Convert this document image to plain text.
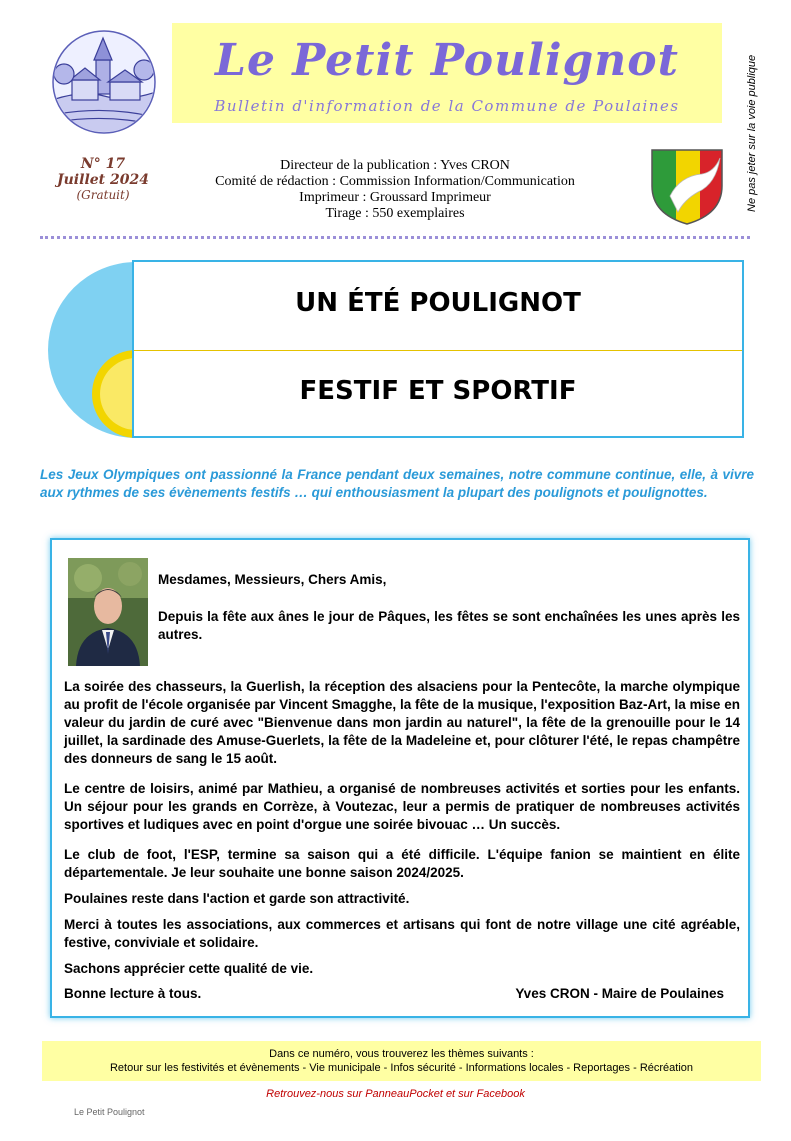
Le Petit Poulignot
Bulletin d'information de la Commune de Poulaines
N° 17
Juillet 2024
(Gratuit)
Directeur de la publication : Yves CRON
Comité de rédaction : Commission Information/Communication
Imprimeur : Groussard Imprimeur
Tirage : 550 exemplaires
Ne pas jeter sur la voie publique
UN ÉTÉ POULIGNOT
FESTIF ET SPORTIF
Les Jeux Olympiques ont passionné la France pendant deux semaines, notre commune continue, elle, à vivre aux rythmes de ses évènements festifs … qui enthousiasment la plupart des poulignots et poulignottes.
Mesdames, Messieurs, Chers Amis,
Depuis la fête aux ânes le jour de Pâques, les fêtes se sont enchaînées les unes après les autres.
La soirée des chasseurs, la Guerlish, la réception des alsaciens pour la Pentecôte, la marche olympique au profit de l'école organisée par Vincent Smagghe, la fête de la musique, l'exposition Baz-Art, la mise en valeur du jardin de curé avec "Bienvenue dans mon jardin au naturel", la fête de la grenouille pour le 14 juillet, la sardinade des Amuse-Guerlets, la fête de la Madeleine et, pour clôturer l'été, le repas champêtre des donneurs de sang le 15 août.
Le centre de loisirs, animé par Mathieu, a organisé de nombreuses activités et sorties pour les enfants. Un séjour pour les grands en Corrèze, à Voutezac, leur a permis de pratiquer de nombreuses activités sportives et ludiques avec en point d'orgue une soirée bivouac … Un succès.
Le club de foot, l'ESP, termine sa saison qui a été difficile. L'équipe fanion se maintient en élite départementale. Je leur souhaite une bonne saison 2024/2025.
Poulaines reste dans l'action et garde son attractivité.
Merci à toutes les associations, aux commerces et artisans qui font de notre village une cité agréable, festive, conviviale et solidaire.
Sachons apprécier cette qualité de vie.
Bonne lecture à tous.	Yves CRON - Maire de Poulaines
Dans ce numéro, vous trouverez les thèmes suivants :
Retour sur les festivités et évènements - Vie municipale - Infos sécurité - Informations locales - Reportages - Récréation
Retrouvez-nous sur PanneauPocket et sur Facebook
Le Petit Poulignot
